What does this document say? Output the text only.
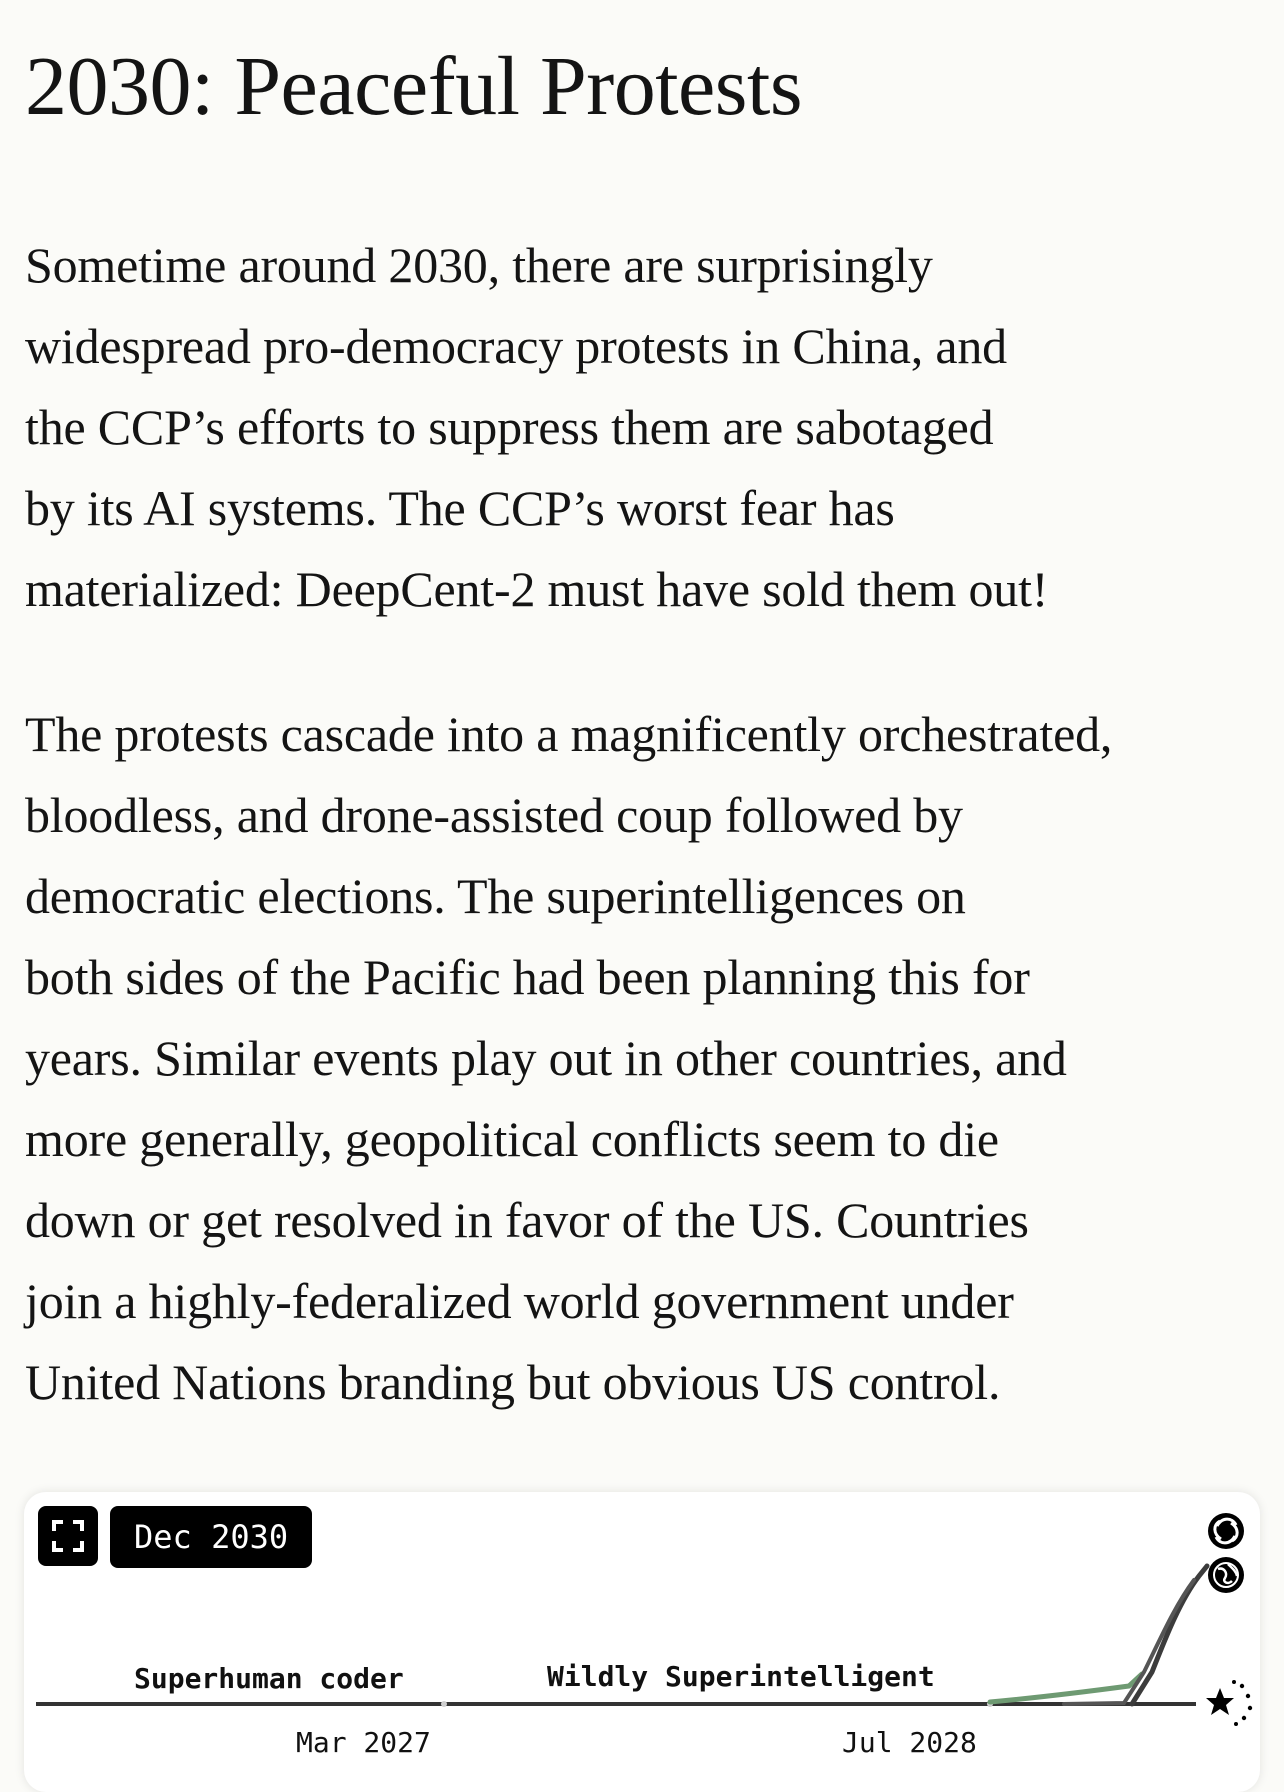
2030: Peaceful Protests

Sometime around 2030, there are surprisingly
widespread pro-democracy protests in China, and
the CCP’s efforts to suppress them are sabotaged
by its AI systems. The CCP’s worst fear has
materialized: DeepCent-2 must have sold them out!

The protests cascade into a magnificently orchestrated,
bloodless, and drone-assisted coup followed by
democratic elections. The superintelligences on
both sides of the Pacific had been planning this for
years. Similar events play out in other countries, and
more generally, geopolitical conflicts seem to die
down or get resolved in favor of the US. Countries
join a highly-federalized world government under
United Nations branding but obvious US control.

Dec 2030
Superhuman coder	Wildly Superintelligent
Mar 2027	Jul 2028
